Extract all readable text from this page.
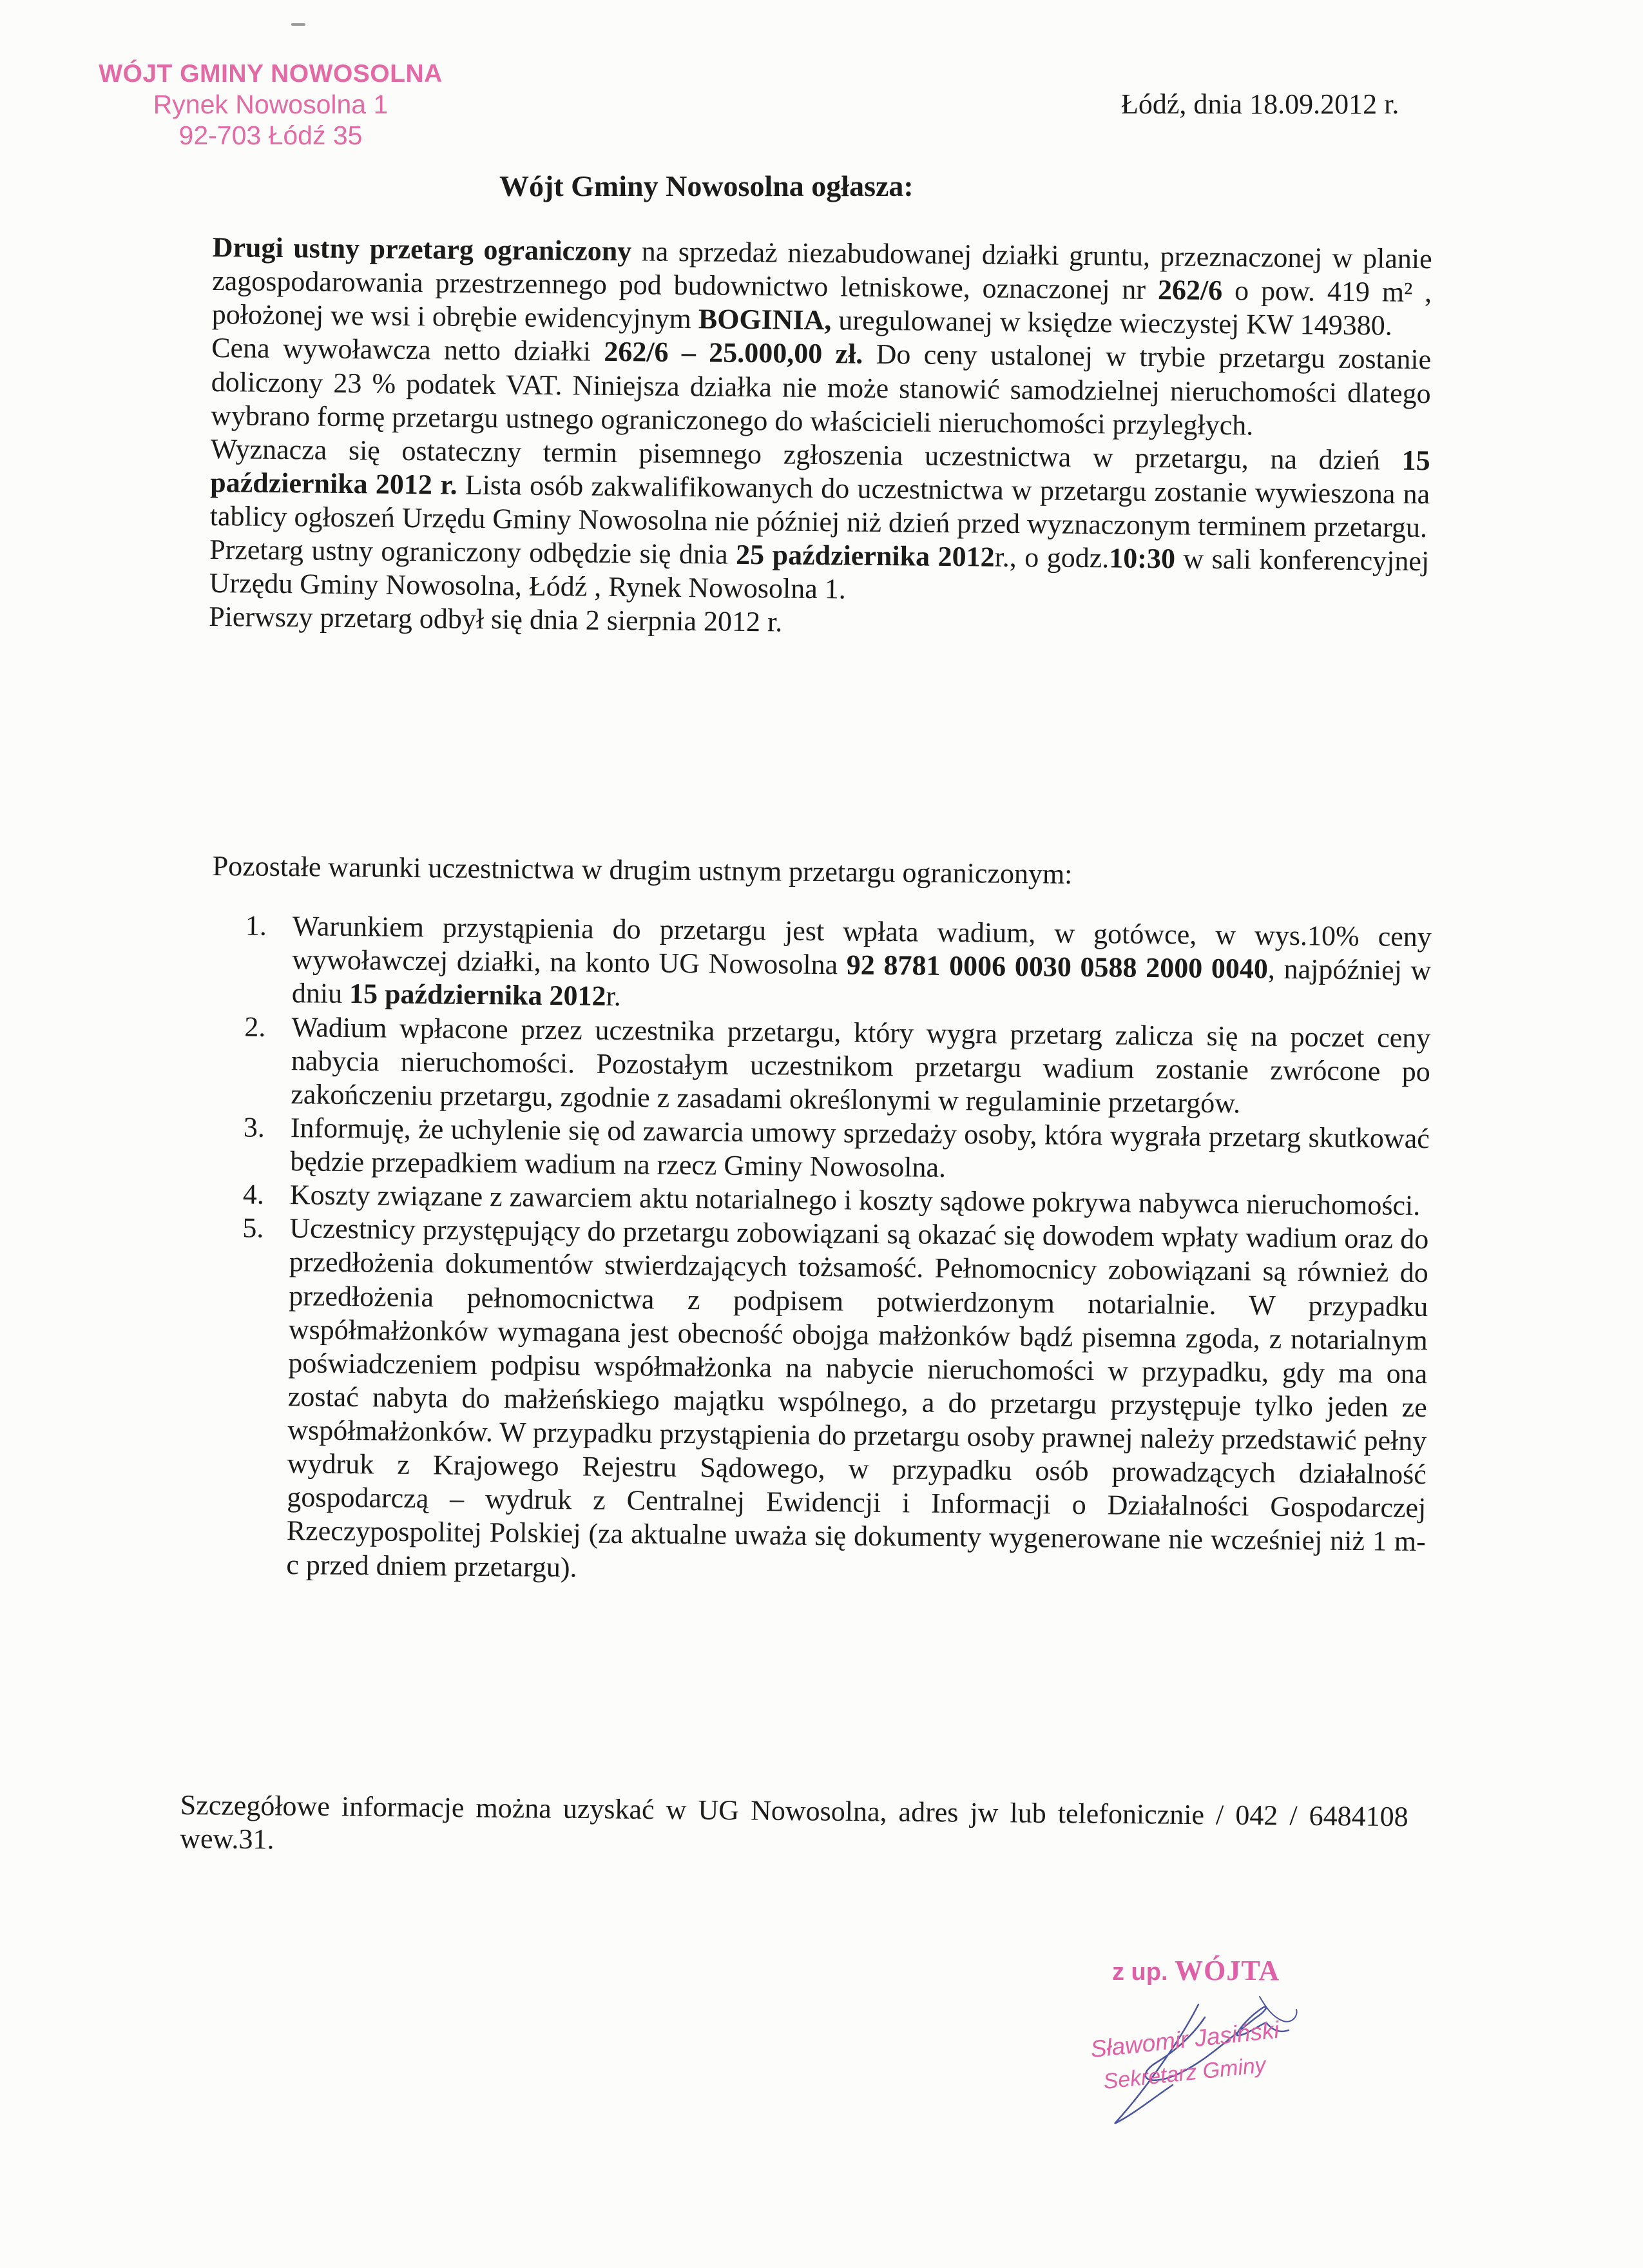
WÓJT GMINY NOWOSOLNA
Rynek Nowosolna 1
92-703 Łódź 35
Łódź, dnia 18.09.2012 r.
Wójt Gminy Nowosolna ogłasza:

Drugi ustny przetarg ograniczony na sprzedaż niezabudowanej działki gruntu, przeznaczonej w planie zagospodarowania przestrzennego pod budownictwo letniskowe, oznaczonej nr 262/6 o pow. 419 m² , położonej we wsi i obrębie ewidencyjnym BOGINIA, uregulowanej w księdze wieczystej KW 149380.

Cena wywoławcza netto działki 262/6 – 25.000,00 zł. Do ceny ustalonej w trybie przetargu zostanie doliczony 23 % podatek VAT. Niniejsza działka nie może stanowić samodzielnej nieruchomości dlatego wybrano formę przetargu ustnego ograniczonego do właścicieli nieruchomości przyległych.

Wyznacza się ostateczny termin pisemnego zgłoszenia uczestnictwa w przetargu, na dzień 15 października 2012 r. Lista osób zakwalifikowanych do uczestnictwa w przetargu zostanie wywieszona na tablicy ogłoszeń Urzędu Gminy Nowosolna nie później niż dzień przed wyznaczonym terminem przetargu.

Przetarg ustny ograniczony odbędzie się dnia 25 października 2012r., o godz.10:30 w sali konferencyjnej Urzędu Gminy Nowosolna, Łódź , Rynek Nowosolna 1.

Pierwszy przetarg odbył się dnia 2 sierpnia 2012 r.

Pozostałe warunki uczestnictwa w drugim ustnym przetargu ograniczonym:

1. Warunkiem przystąpienia do przetargu jest wpłata wadium, w gotówce, w wys.10% ceny wywoławczej działki, na konto UG Nowosolna 92 8781 0006 0030 0588 2000 0040, najpóźniej w dniu 15 października 2012r.

2. Wadium wpłacone przez uczestnika przetargu, który wygra przetarg zalicza się na poczet ceny nabycia nieruchomości. Pozostałym uczestnikom przetargu wadium zostanie zwrócone po zakończeniu przetargu, zgodnie z zasadami określonymi w regulaminie przetargów.

3. Informuję, że uchylenie się od zawarcia umowy sprzedaży osoby, która wygrała przetarg skutkować będzie przepadkiem wadium na rzecz Gminy Nowosolna.

4. Koszty związane z zawarciem aktu notarialnego i koszty sądowe pokrywa nabywca nieruchomości.

5. Uczestnicy przystępujący do przetargu zobowiązani są okazać się dowodem wpłaty wadium oraz do przedłożenia dokumentów stwierdzających tożsamość. Pełnomocnicy zobowiązani są również do przedłożenia pełnomocnictwa z podpisem potwierdzonym notarialnie. W przypadku współmałżonków wymagana jest obecność obojga małżonków bądź pisemna zgoda, z notarialnym poświadczeniem podpisu współmałżonka na nabycie nieruchomości w przypadku, gdy ma ona zostać nabyta do małżeńskiego majątku wspólnego, a do przetargu przystępuje tylko jeden ze współmałżonków. W przypadku przystąpienia do przetargu osoby prawnej należy przedstawić pełny wydruk z Krajowego Rejestru Sądowego, w przypadku osób prowadzących działalność gospodarczą – wydruk z Centralnej Ewidencji i Informacji o Działalności Gospodarczej Rzeczypospolitej Polskiej (za aktualne uważa się dokumenty wygenerowane nie wcześniej niż 1 m-c przed dniem przetargu).

Szczegółowe informacje można uzyskać w UG Nowosolna, adres jw lub telefonicznie / 042 / 6484108 wew.31.
z up. WÓJTA
Sławomir Jasiński
Sekretarz Gminy
